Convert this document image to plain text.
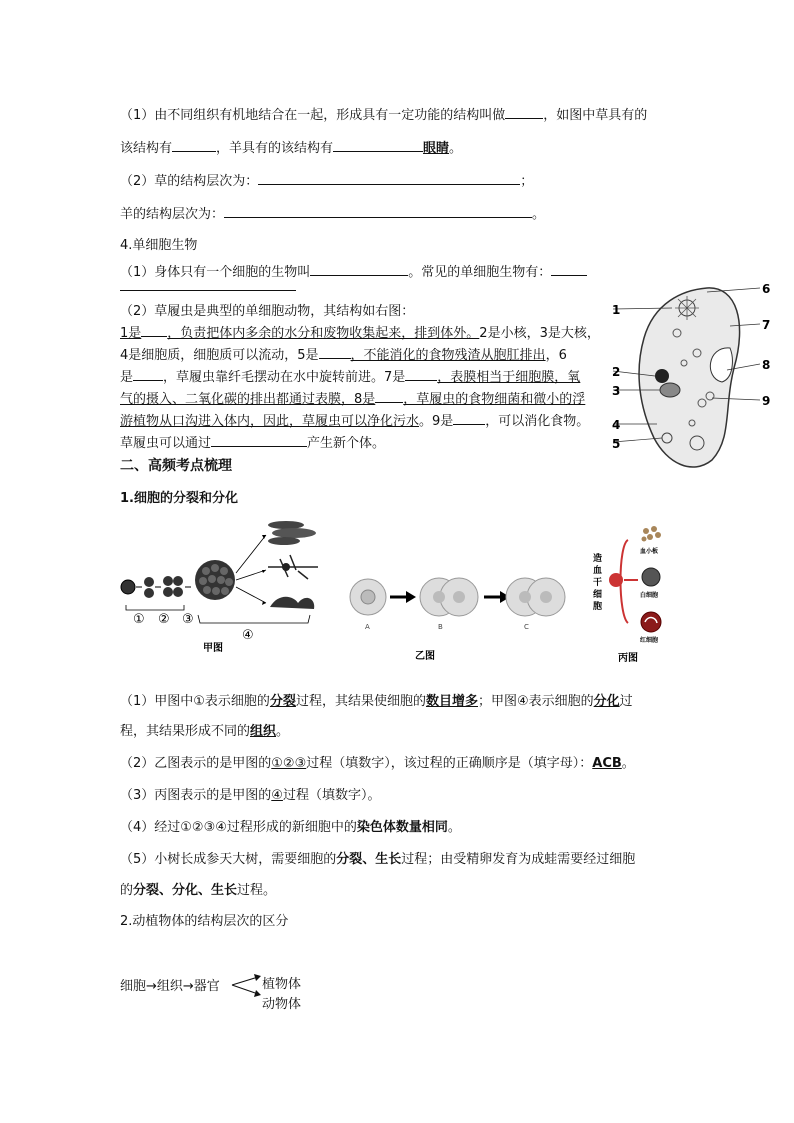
（1）由不同组织有机地结合在一起，形成具有一定功能的结构叫做	，如图中草具有的
该结构有	，羊具有的该结构有	眼睛。
（2）草的结构层次为：	；
羊的结构层次为：	。
4.单细胞生物
（1）身体只有一个细胞的生物叫	。常见的单细胞生物有：
（2）草履虫是典型的单细胞动物，其结构如右图：
1是 ，负责把体内多余的水分和废物收集起来，排到体外。2是小核，3是大核，
4是细胞质，细胞质可以流动，5是 ，不能消化的食物残渣从胞肛排出，6
是 ，草履虫靠纤毛摆动在水中旋转前进。7是 ，表膜相当于细胞膜，氧
气的摄入、二氧化碳的排出都通过表膜，8是 ，草履虫的食物细菌和微小的浮
游植物从口沟进入体内，因此，草履虫可以净化污水。9是 ，可以消化食物。
草履虫可以通过	产生新个体。
1
2
3
4
5
6
7
8
9
二、高频考点梳理
1.细胞的分裂和分化
① ② ③
④
甲图
A	B	C
乙图
造
血
干
细
胞
血小板
白细胞
红细胞
丙图
（1）甲图中①表示细胞的分裂过程，其结果使细胞的数目增多；甲图④表示细胞的分化过
程，其结果形成不同的组织。
（2）乙图表示的是甲图的①②③过程（填数字），该过程的正确顺序是（填字母）：ACB。
（3）丙图表示的是甲图的④过程（填数字）。
（4）经过①②③④过程形成的新细胞中的染色体数量相同。
（5）小树长成参天大树，需要细胞的分裂、生长过程；由受精卵发育为成蛙需要经过细胞
的分裂、分化、生长过程。
2.动植物体的结构层次的区分
细胞→组织→器官	植物体
动物体
